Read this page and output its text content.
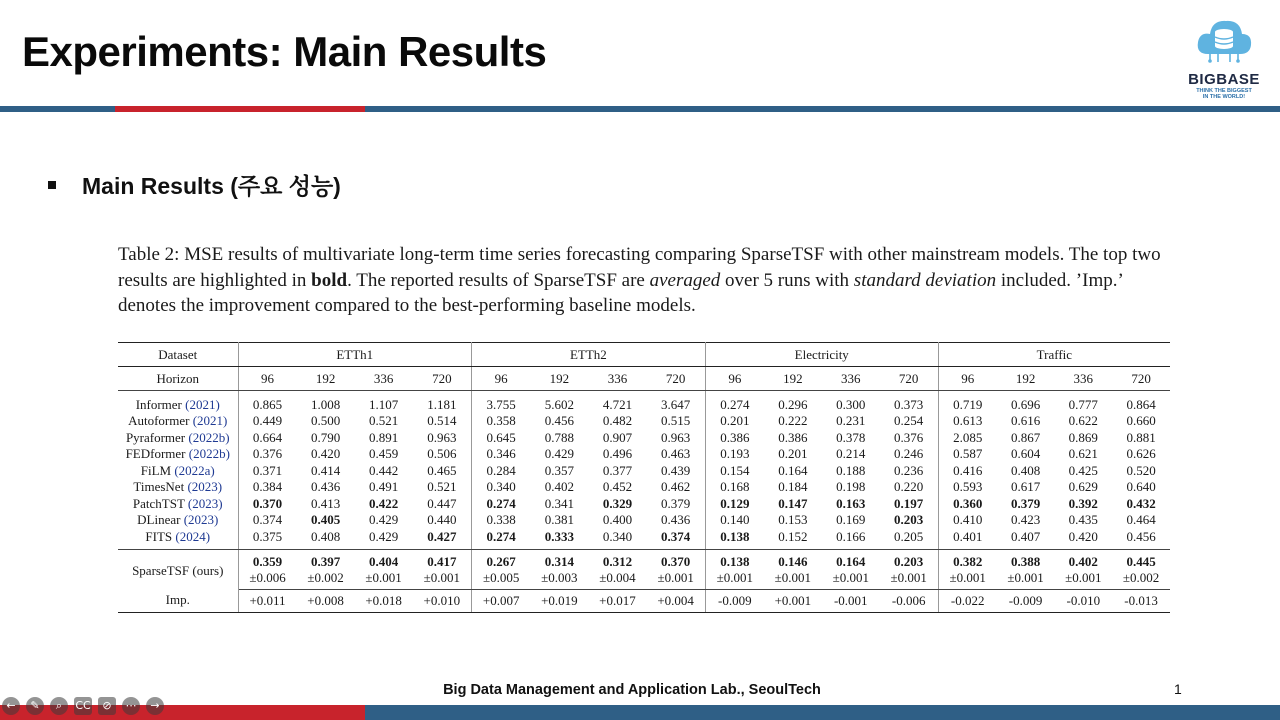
Experiments: Main Results
BIGBASE
THINK THE BIGGEST
IN THE WORLD!
Main Results (주요 성능)
Table 2: MSE results of multivariate long-term time series forecasting comparing SparseTSF with other mainstream models. The top two results are highlighted in bold. The reported results of SparseTSF are averaged over 5 runs with standard deviation included. ’Imp.’ denotes the improvement compared to the best-performing baseline models.
Dataset	ETTh1				ETTh2				Electricity				Traffic			
Horizon	96	192	336	720	96	192	336	720	96	192	336	720	96	192	336	720
Informer (2021)	0.865	1.008	1.107	1.181	3.755	5.602	4.721	3.647	0.274	0.296	0.300	0.373	0.719	0.696	0.777	0.864
Autoformer (2021)	0.449	0.500	0.521	0.514	0.358	0.456	0.482	0.515	0.201	0.222	0.231	0.254	0.613	0.616	0.622	0.660
Pyraformer (2022b)	0.664	0.790	0.891	0.963	0.645	0.788	0.907	0.963	0.386	0.386	0.378	0.376	2.085	0.867	0.869	0.881
FEDformer (2022b)	0.376	0.420	0.459	0.506	0.346	0.429	0.496	0.463	0.193	0.201	0.214	0.246	0.587	0.604	0.621	0.626
FiLM (2022a)	0.371	0.414	0.442	0.465	0.284	0.357	0.377	0.439	0.154	0.164	0.188	0.236	0.416	0.408	0.425	0.520
TimesNet (2023)	0.384	0.436	0.491	0.521	0.340	0.402	0.452	0.462	0.168	0.184	0.198	0.220	0.593	0.617	0.629	0.640
PatchTST (2023)	0.370	0.413	0.422	0.447	0.274	0.341	0.329	0.379	0.129	0.147	0.163	0.197	0.360	0.379	0.392	0.432
DLinear (2023)	0.374	0.405	0.429	0.440	0.338	0.381	0.400	0.436	0.140	0.153	0.169	0.203	0.410	0.423	0.435	0.464
FITS (2024)	0.375	0.408	0.429	0.427	0.274	0.333	0.340	0.374	0.138	0.152	0.166	0.205	0.401	0.407	0.420	0.456
SparseTSF (ours)	0.359	0.397	0.404	0.417	0.267	0.314	0.312	0.370	0.138	0.146	0.164	0.203	0.382	0.388	0.402	0.445
	±0.006	±0.002	±0.001	±0.001	±0.005	±0.003	±0.004	±0.001	±0.001	±0.001	±0.001	±0.001	±0.001	±0.001	±0.001	±0.002
Imp.	+0.011	+0.008	+0.018	+0.010	+0.007	+0.019	+0.017	+0.004	-0.009	+0.001	-0.001	-0.006	-0.022	-0.009	-0.010	-0.013
Big Data Management and Application Lab., SeoulTech	1
←	✎	⌕	CC	⊘	⋯	→
